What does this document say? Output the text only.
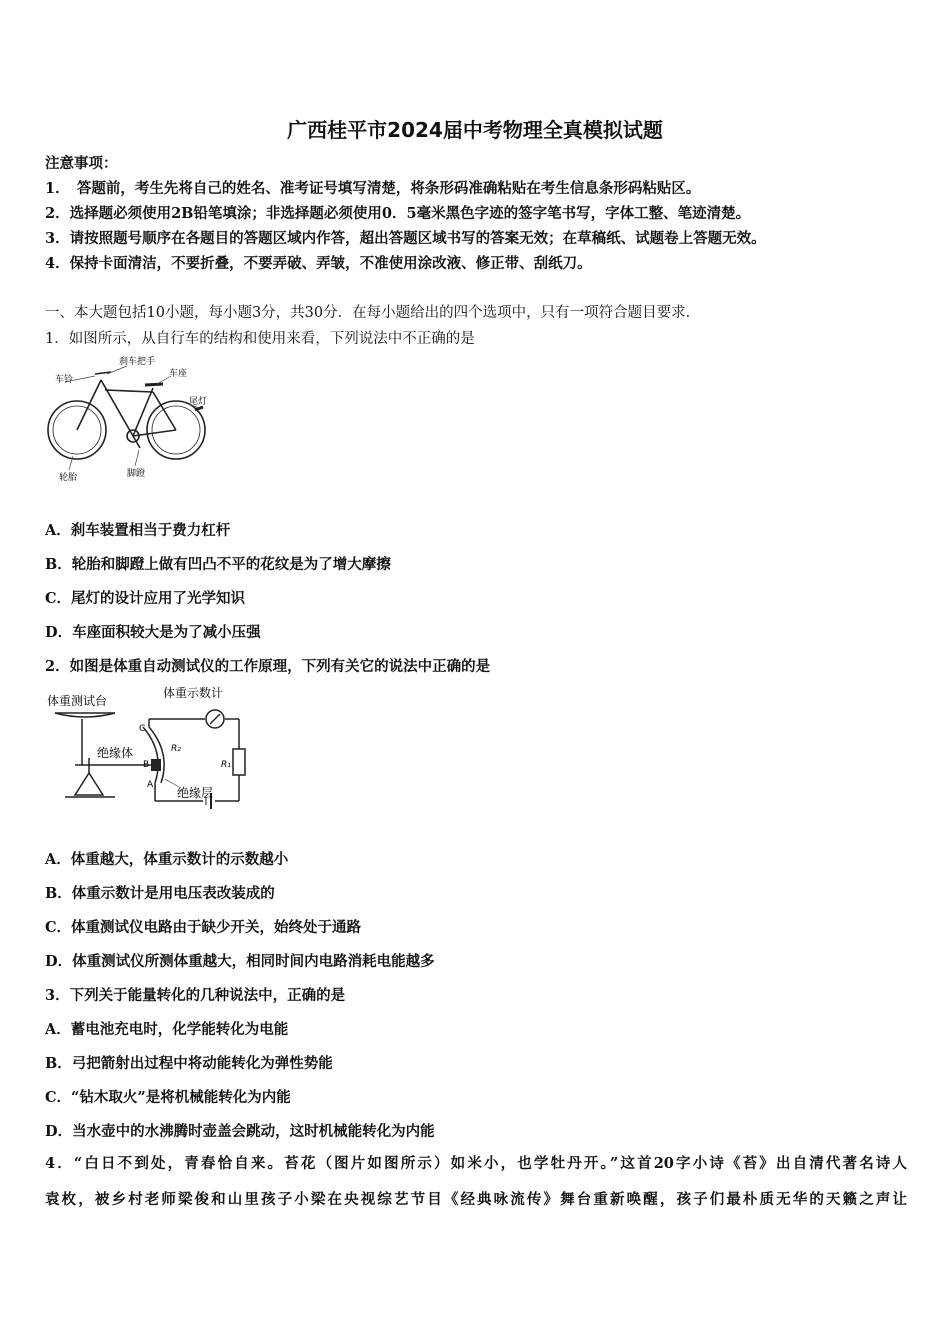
广西桂平市2024届中考物理全真模拟试题
注意事项：
1．　答题前，考生先将自己的姓名、准考证号填写清楚，将条形码准确粘贴在考生信息条形码粘贴区。
2．选择题必须使用2B铅笔填涂；非选择题必须使用0．5毫米黑色字迹的签字笔书写，字体工整、笔迹清楚。
3．请按照题号顺序在各题目的答题区域内作答，超出答题区域书写的答案无效；在草稿纸、试题卷上答题无效。
4．保持卡面清洁，不要折叠，不要弄破、弄皱，不准使用涂改液、修正带、刮纸刀。
一、本大题包括10小题，每小题3分，共30分．在每小题给出的四个选项中，只有一项符合题目要求．
1．如图所示，从自行车的结构和使用来看，下列说法中不正确的是
车铃
刹车把手
车座
尾灯
轮胎	脚蹬
A．刹车装置相当于费力杠杆
B．轮胎和脚蹬上做有凹凸不平的花纹是为了增大摩擦
C．尾灯的设计应用了光学知识
D．车座面积较大是为了减小压强
2．如图是体重自动测试仪的工作原理，下列有关它的说法中正确的是
体重测试台
体重示数计
绝缘体
绝缘层
R₂
R₁
C
B
A
A．体重越大，体重示数计的示数越小
B．体重示数计是用电压表改装成的
C．体重测试仪电路由于缺少开关，始终处于通路
D．体重测试仪所测体重越大，相同时间内电路消耗电能越多
3．下列关于能量转化的几种说法中，正确的是
A．蓄电池充电时，化学能转化为电能
B．弓把箭射出过程中将动能转化为弹性势能
C．“钻木取火”是将机械能转化为内能
D．当水壶中的水沸腾时壶盖会跳动，这时机械能转化为内能
4．“白日不到处，青春恰自来。苔花（图片如图所示）如米小，也学牡丹开。”这首20字小诗《苔》出自清代著名诗人
袁枚，被乡村老师梁俊和山里孩子小梁在央视综艺节目《经典咏流传》舞台重新唤醒，孩子们最朴质无华的天籁之声让
